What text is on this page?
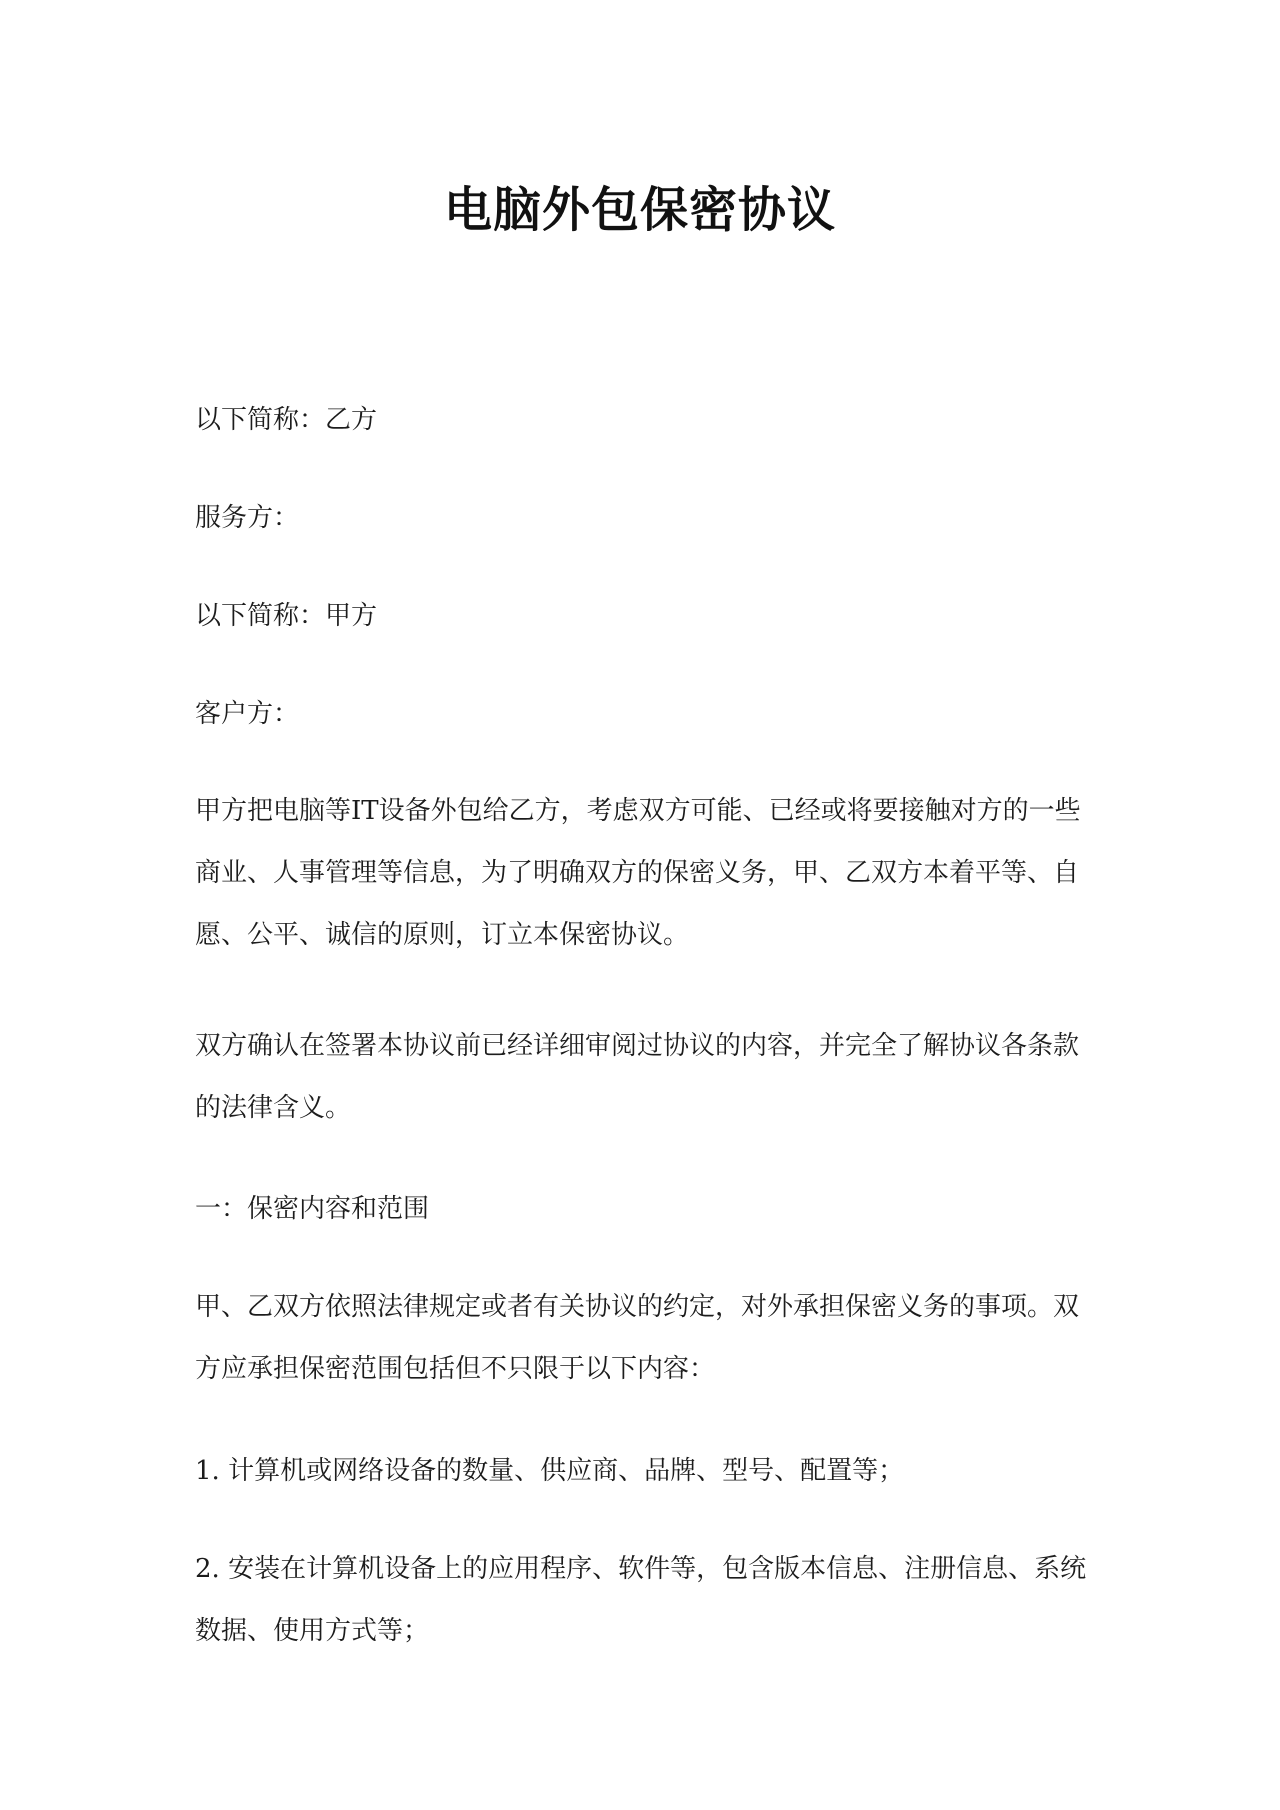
电脑外包保密协议

以下简称：乙方

服务方：

以下简称：甲方

客户方：

甲方把电脑等IT设备外包给乙方，考虑双方可能、已经或将要接触对方的一些商业、人事管理等信息，为了明确双方的保密义务，甲、乙双方本着平等、自愿、公平、诚信的原则，订立本保密协议。

双方确认在签署本协议前已经详细审阅过协议的内容，并完全了解协议各条款的法律含义。

一：保密内容和范围

甲、乙双方依照法律规定或者有关协议的约定，对外承担保密义务的事项。双方应承担保密范围包括但不只限于以下内容：

1. 计算机或网络设备的数量、供应商、品牌、型号、配置等；

2. 安装在计算机设备上的应用程序、软件等，包含版本信息、注册信息、系统数据、使用方式等；
